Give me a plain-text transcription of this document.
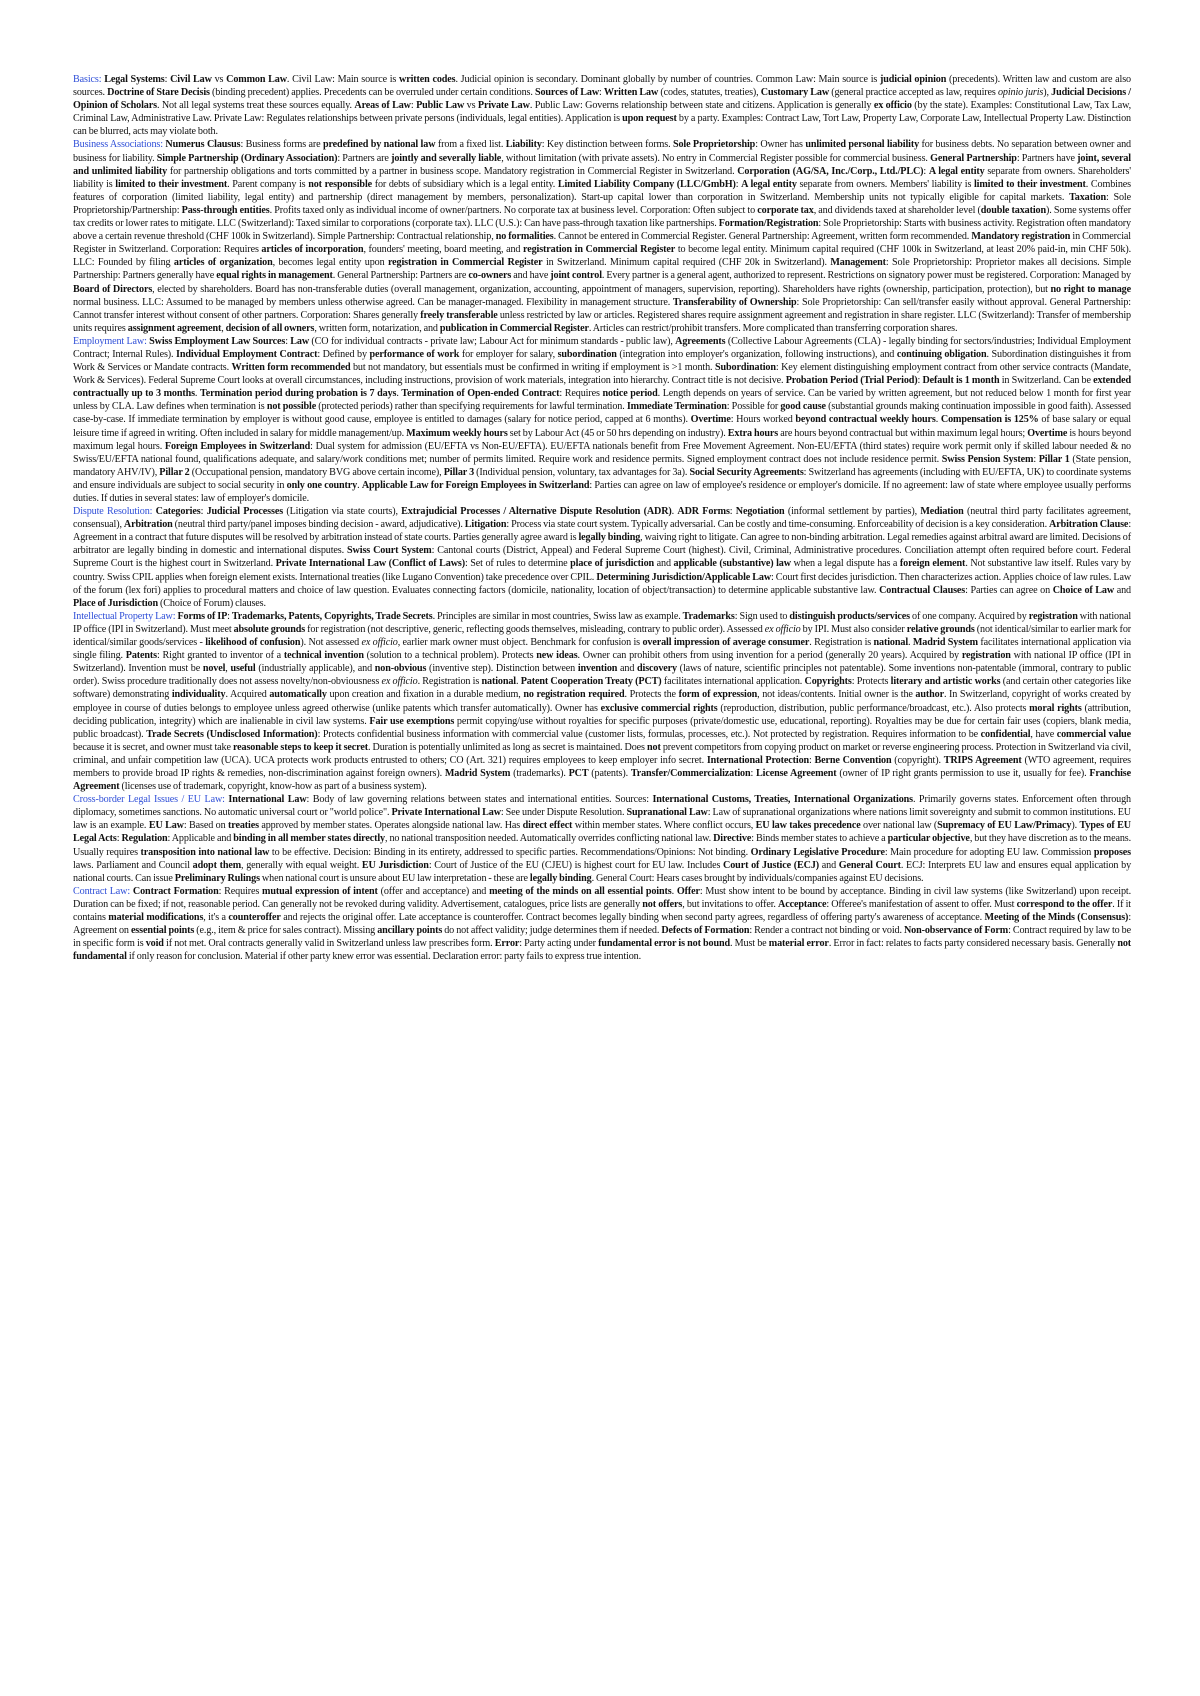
Basics: Legal Systems: Civil Law vs Common Law. Civil Law: Main source is written codes. Judicial opinion is secondary. Dominant globally by number of countries. Common Law: Main source is judicial opinion (precedents). Written law and custom are also sources. Doctrine of Stare Decisis (binding precedent) applies. Precedents can be overruled under certain conditions. Sources of Law: Written Law (codes, statutes, treaties), Customary Law (general practice accepted as law, requires opinio juris), Judicial Decisions / Opinion of Scholars. Not all legal systems treat these sources equally. Areas of Law: Public Law vs Private Law. Public Law: Governs relationship between state and citizens. Application is generally ex officio (by the state). Examples: Constitutional Law, Tax Law, Criminal Law, Administrative Law. Private Law: Regulates relationships between private persons (individuals, legal entities). Application is upon request by a party. Examples: Contract Law, Tort Law, Property Law, Corporate Law, Intellectual Property Law. Distinction can be blurred, acts may violate both.

Business Associations: Numerus Clausus: Business forms are predefined by national law from a fixed list. Liability: Key distinction between forms. Sole Proprietorship: Owner has unlimited personal liability for business debts. No separation between owner and business for liability. Simple Partnership (Ordinary Association): Partners are jointly and severally liable, without limitation (with private assets). No entry in Commercial Register possible for commercial business. General Partnership: Partners have joint, several and unlimited liability for partnership obligations and torts committed by a partner in business scope. Mandatory registration in Commercial Register in Switzerland. Corporation (AG/SA, Inc./Corp., Ltd./PLC): A legal entity separate from owners. Shareholders' liability is limited to their investment. Parent company is not responsible for debts of subsidiary which is a legal entity. Limited Liability Company (LLC/GmbH): A legal entity separate from owners. Members' liability is limited to their investment. Combines features of corporation (limited liability, legal entity) and partnership (direct management by members, personalization). Start-up capital lower than corporation in Switzerland. Membership units not typically eligible for capital markets. Taxation: Sole Proprietorship/Partnership: Pass-through entities. Profits taxed only as individual income of owner/partners. No corporate tax at business level. Corporation: Often subject to corporate tax, and dividends taxed at shareholder level (double taxation). Some systems offer tax credits or lower rates to mitigate. LLC (Switzerland): Taxed similar to corporations (corporate tax). LLC (U.S.): Can have pass-through taxation like partnerships. Formation/Registration: Sole Proprietorship: Starts with business activity. Registration often mandatory above a certain revenue threshold (CHF 100k in Switzerland). Simple Partnership: Contractual relationship, no formalities. Cannot be entered in Commercial Register. General Partnership: Agreement, written form recommended. Mandatory registration in Commercial Register in Switzerland. Corporation: Requires articles of incorporation, founders' meeting, board meeting, and registration in Commercial Register to become legal entity. Minimum capital required (CHF 100k in Switzerland, at least 20% paid-in, min CHF 50k). LLC: Founded by filing articles of organization, becomes legal entity upon registration in Commercial Register in Switzerland. Minimum capital required (CHF 20k in Switzerland). Management: Sole Proprietorship: Proprietor makes all decisions. Simple Partnership: Partners generally have equal rights in management. General Partnership: Partners are co-owners and have joint control. Every partner is a general agent, authorized to represent. Restrictions on signatory power must be registered. Corporation: Managed by Board of Directors, elected by shareholders. Board has non-transferable duties (overall management, organization, accounting, appointment of managers, supervision, reporting). Shareholders have rights (ownership, participation, protection), but no right to manage normal business. LLC: Assumed to be managed by members unless otherwise agreed. Can be manager-managed. Flexibility in management structure. Transferability of Ownership: Sole Proprietorship: Can sell/transfer easily without approval. General Partnership: Cannot transfer interest without consent of other partners. Corporation: Shares generally freely transferable unless restricted by law or articles. Registered shares require assignment agreement and registration in share register. LLC (Switzerland): Transfer of membership units requires assignment agreement, decision of all owners, written form, notarization, and publication in Commercial Register. Articles can restrict/prohibit transfers. More complicated than transferring corporation shares.

Employment Law: Swiss Employment Law Sources: Law (CO for individual contracts - private law; Labour Act for minimum standards - public law), Agreements (Collective Labour Agreements (CLA) - legally binding for sectors/industries; Individual Employment Contract; Internal Rules). Individual Employment Contract: Defined by performance of work for employer for salary, subordination (integration into employer's organization, following instructions), and continuing obligation. Subordination distinguishes it from Work & Services or Mandate contracts. Written form recommended but not mandatory, but essentials must be confirmed in writing if employment is >1 month. Subordination: Key element distinguishing employment contract from other service contracts (Mandate, Work & Services). Federal Supreme Court looks at overall circumstances, including instructions, provision of work materials, integration into hierarchy. Contract title is not decisive. Probation Period (Trial Period): Default is 1 month in Switzerland. Can be extended contractually up to 3 months. Termination period during probation is 7 days. Termination of Open-ended Contract: Requires notice period. Length depends on years of service. Can be varied by written agreement, but not reduced below 1 month for first year unless by CLA. Law defines when termination is not possible (protected periods) rather than specifying requirements for lawful termination. Immediate Termination: Possible for good cause (substantial grounds making continuation impossible in good faith). Assessed case-by-case. If immediate termination by employer is without good cause, employee is entitled to damages (salary for notice period, capped at 6 months). Overtime: Hours worked beyond contractual weekly hours. Compensation is 125% of base salary or equal leisure time if agreed in writing. Often included in salary for middle management/up. Maximum weekly hours set by Labour Act (45 or 50 hrs depending on industry). Extra hours are hours beyond contractual but within maximum legal hours; Overtime is hours beyond maximum legal hours. Foreign Employees in Switzerland: Dual system for admission (EU/EFTA vs Non-EU/EFTA). EU/EFTA nationals benefit from Free Movement Agreement. Non-EU/EFTA (third states) require work permit only if skilled labour needed & no Swiss/EU/EFTA national found, qualifications adequate, and salary/work conditions met; number of permits limited. Require work and residence permits. Signed employment contract does not include residence permit. Swiss Pension System: Pillar 1 (State pension, mandatory AHV/IV), Pillar 2 (Occupational pension, mandatory BVG above certain income), Pillar 3 (Individual pension, voluntary, tax advantages for 3a). Social Security Agreements: Switzerland has agreements (including with EU/EFTA, UK) to coordinate systems and ensure individuals are subject to social security in only one country. Applicable Law for Foreign Employees in Switzerland: Parties can agree on law of employee's residence or employer's domicile. If no agreement: law of state where employee usually performs duties. If duties in several states: law of employer's domicile.

Dispute Resolution: Categories: Judicial Processes (Litigation via state courts), Extrajudicial Processes / Alternative Dispute Resolution (ADR). ADR Forms: Negotiation (informal settlement by parties), Mediation (neutral third party facilitates agreement, consensual), Arbitration (neutral third party/panel imposes binding decision - award, adjudicative). Litigation: Process via state court system. Typically adversarial. Can be costly and time-consuming. Enforceability of decision is a key consideration. Arbitration Clause: Agreement in a contract that future disputes will be resolved by arbitration instead of state courts. Parties generally agree award is legally binding, waiving right to litigate. Can agree to non-binding arbitration. Legal remedies against arbitral award are limited. Decisions of arbitrator are legally binding in domestic and international disputes. Swiss Court System: Cantonal courts (District, Appeal) and Federal Supreme Court (highest). Civil, Criminal, Administrative procedures. Conciliation attempt often required before court. Federal Supreme Court is the highest court in Switzerland. Private International Law (Conflict of Laws): Set of rules to determine place of jurisdiction and applicable (substantive) law when a legal dispute has a foreign element. Not substantive law itself. Rules vary by country. Swiss CPIL applies when foreign element exists. International treaties (like Lugano Convention) take precedence over CPIL. Determining Jurisdiction/Applicable Law: Court first decides jurisdiction. Then characterizes action. Applies choice of law rules. Law of the forum (lex fori) applies to procedural matters and choice of law question. Evaluates connecting factors (domicile, nationality, location of object/transaction) to determine applicable substantive law. Contractual Clauses: Parties can agree on Choice of Law and Place of Jurisdiction (Choice of Forum) clauses.

Intellectual Property Law: Forms of IP: Trademarks, Patents, Copyrights, Trade Secrets. Principles are similar in most countries, Swiss law as example. Trademarks: Sign used to distinguish products/services of one company. Acquired by registration with national IP office (IPI in Switzerland). Must meet absolute grounds for registration (not descriptive, generic, reflecting goods themselves, misleading, contrary to public order). Assessed ex officio by IPI. Must also consider relative grounds (not identical/similar to earlier mark for identical/similar goods/services - likelihood of confusion). Not assessed ex officio, earlier mark owner must object. Benchmark for confusion is overall impression of average consumer. Registration is national. Madrid System facilitates international application via single filing. Patents: Right granted to inventor of a technical invention (solution to a technical problem). Protects new ideas. Owner can prohibit others from using invention for a period (generally 20 years). Acquired by registration with national IP office (IPI in Switzerland). Invention must be novel, useful (industrially applicable), and non-obvious (inventive step). Distinction between invention and discovery (laws of nature, scientific principles not patentable). Some inventions non-patentable (immoral, contrary to public order). Swiss procedure traditionally does not assess novelty/non-obviousness ex officio. Registration is national. Patent Cooperation Treaty (PCT) facilitates international application. Copyrights: Protects literary and artistic works (and certain other categories like software) demonstrating individuality. Acquired automatically upon creation and fixation in a durable medium, no registration required. Protects the form of expression, not ideas/contents. Initial owner is the author. In Switzerland, copyright of works created by employee in course of duties belongs to employee unless agreed otherwise (unlike patents which transfer automatically). Owner has exclusive commercial rights (reproduction, distribution, public performance/broadcast, etc.). Also protects moral rights (attribution, deciding publication, integrity) which are inalienable in civil law systems. Fair use exemptions permit copying/use without royalties for specific purposes (private/domestic use, educational, reporting). Royalties may be due for certain fair uses (copiers, blank media, public broadcast). Trade Secrets (Undisclosed Information): Protects confidential business information with commercial value (customer lists, formulas, processes, etc.). Not protected by registration. Requires information to be confidential, have commercial value because it is secret, and owner must take reasonable steps to keep it secret. Duration is potentially unlimited as long as secret is maintained. Does not prevent competitors from copying product on market or reverse engineering process. Protection in Switzerland via civil, criminal, and unfair competition law (UCA). UCA protects work products entrusted to others; CO (Art. 321) requires employees to keep employer info secret. International Protection: Berne Convention (copyright). TRIPS Agreement (WTO agreement, requires members to provide broad IP rights & remedies, non-discrimination against foreign owners). Madrid System (trademarks). PCT (patents). Transfer/Commercialization: License Agreement (owner of IP right grants permission to use it, usually for fee). Franchise Agreement (licenses use of trademark, copyright, know-how as part of a business system).

Cross-border Legal Issues / EU Law: International Law: Body of law governing relations between states and international entities. Sources: International Customs, Treaties, International Organizations. Primarily governs states. Enforcement often through diplomacy, sometimes sanctions. No automatic universal court or "world police". Private International Law: See under Dispute Resolution. Supranational Law: Law of supranational organizations where nations limit sovereignty and submit to common institutions. EU law is an example. EU Law: Based on treaties approved by member states. Operates alongside national law. Has direct effect within member states. Where conflict occurs, EU law takes precedence over national law (Supremacy of EU Law/Primacy). Types of EU Legal Acts: Regulation: Applicable and binding in all member states directly, no national transposition needed. Automatically overrides conflicting national law. Directive: Binds member states to achieve a particular objective, but they have discretion as to the means. Usually requires transposition into national law to be effective. Decision: Binding in its entirety, addressed to specific parties. Recommendations/Opinions: Not binding. Ordinary Legislative Procedure: Main procedure for adopting EU law. Commission proposes laws. Parliament and Council adopt them, generally with equal weight. EU Jurisdiction: Court of Justice of the EU (CJEU) is highest court for EU law. Includes Court of Justice (ECJ) and General Court. ECJ: Interprets EU law and ensures equal application by national courts. Can issue Preliminary Rulings when national court is unsure about EU law interpretation - these are legally binding. General Court: Hears cases brought by individuals/companies against EU decisions.

Contract Law: Contract Formation: Requires mutual expression of intent (offer and acceptance) and meeting of the minds on all essential points. Offer: Must show intent to be bound by acceptance. Binding in civil law systems (like Switzerland) upon receipt. Duration can be fixed; if not, reasonable period. Can generally not be revoked during validity. Advertisement, catalogues, price lists are generally not offers, but invitations to offer. Acceptance: Offeree's manifestation of assent to offer. Must correspond to the offer. If it contains material modifications, it's a counteroffer and rejects the original offer. Late acceptance is counteroffer. Contract becomes legally binding when second party agrees, regardless of offering party's awareness of acceptance. Meeting of the Minds (Consensus): Agreement on essential points (e.g., item & price for sales contract). Missing ancillary points do not affect validity; judge determines them if needed. Defects of Formation: Render a contract not binding or void. Non-observance of Form: Contract required by law to be in specific form is void if not met. Oral contracts generally valid in Switzerland unless law prescribes form. Error: Party acting under fundamental error is not bound. Must be material error. Error in fact: relates to facts party considered necessary basis. Generally not fundamental if only reason for conclusion. Material if other party knew error was essential. Declaration error: party fails to express true intention.
